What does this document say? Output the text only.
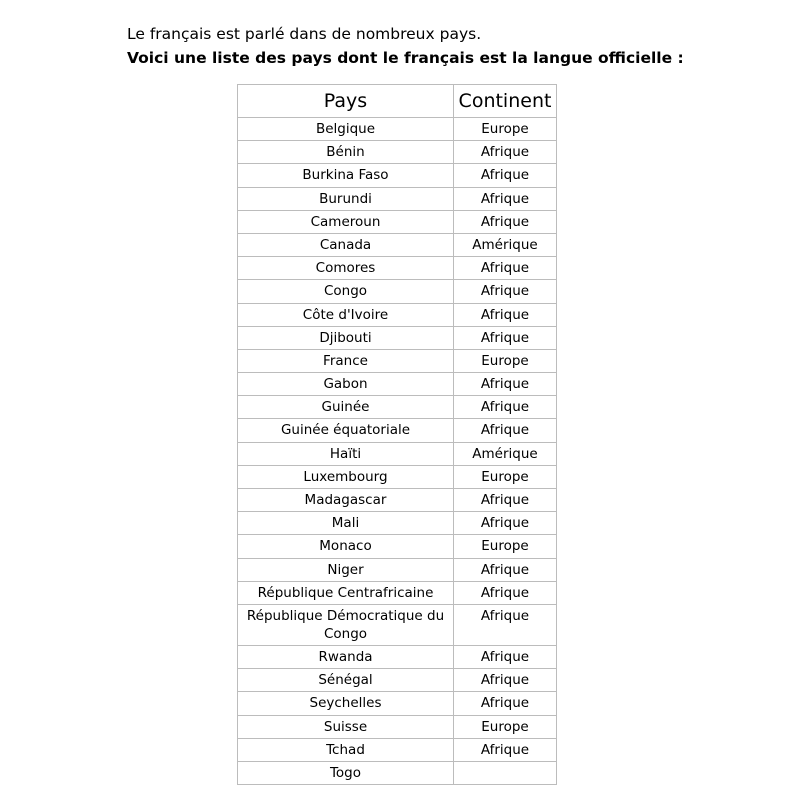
Le français est parlé dans de nombreux pays.
Voici une liste des pays dont le français est la langue officielle :
Pays	Continent
Belgique	Europe
Bénin	Afrique
Burkina Faso	Afrique
Burundi	Afrique
Cameroun	Afrique
Canada	Amérique
Comores	Afrique
Congo	Afrique
Côte d'Ivoire	Afrique
Djibouti	Afrique
France	Europe
Gabon	Afrique
Guinée	Afrique
Guinée équatoriale	Afrique
Haïti	Amérique
Luxembourg	Europe
Madagascar	Afrique
Mali	Afrique
Monaco	Europe
Niger	Afrique
République Centrafricaine	Afrique
République Démocratique du Congo	Afrique
Rwanda	Afrique
Sénégal	Afrique
Seychelles	Afrique
Suisse	Europe
Tchad	Afrique
Togo	
